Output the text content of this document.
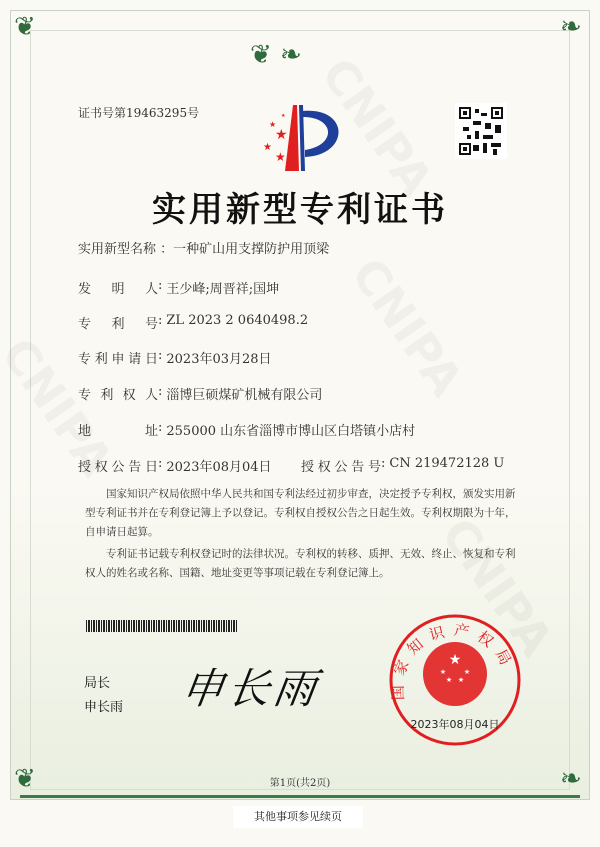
❦ ❧
❦	❧
❦	❧
证书号第19463295号
★
★
★
★
★
实用新型专利证书
实用新型名称 ： 一种矿山用支撑防护用顶梁
发明人 : 王少峰;周晋祥;国坤
专利号 : ZL 2023 2 0640498.2
专利申请日 : 2023年03月28日
专利权人 : 淄博巨硕煤矿机械有限公司
地址 : 255000 山东省淄博市博山区白塔镇小店村
授权公告日 : 2023年08月04日 授权公告号 : CN 219472128 U
国家知识产权局依照中华人民共和国专利法经过初步审查，决定授予专利权，颁发实用新型专利证书并在专利登记簿上予以登记。专利权自授权公告之日起生效。专利权期限为十年，自申请日起算。
专利证书记载专利权登记时的法律状况。专利权的转移、质押、无效、终止、恢复和专利权人的姓名或名称、国籍、地址变更等事项记载在专利登记簿上。
局长
申长雨 申长雨
★
★	★
★ ★
国家知识产权局
2023年08月04日
第1页(共2页)
其他事项参见续页
